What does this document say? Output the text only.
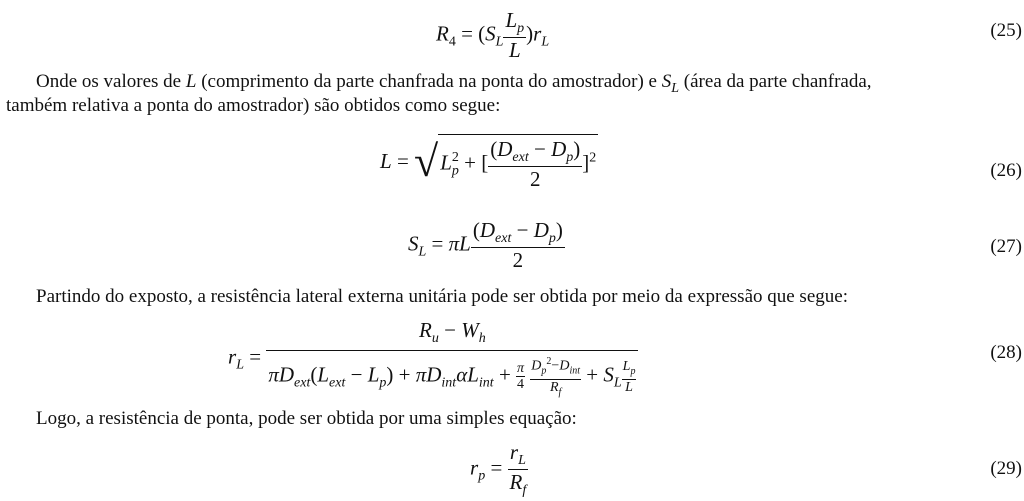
$R_4 = (S_L \frac{L_p}{L} )r_L$
(25)
Onde os valores de L (comprimento da parte chanfrada na ponta do amostrador) e $S_L$ (área da parte chanfrada,
também relativa a ponta do amostrador) são obtidos como segue:
$L = √L_p^2$ + [ $\frac{(D_{ext} - D_p)}{2} ]^2$
(26)
$S_L = \pi L \frac{(D_{ext} - D_p)}{2}$	(27)
Partindo do exposto, a resistência lateral externa unitária pode ser obtida por meio da expressão que segue:
$r_L = R_u - W_h$
$\pi D_{ext}(L_{ext} - L_p) + \pi D_{int}\alpha L_{int} + \frac{\pi}{4}$
$\frac{D_p^2-D_{int}}{R_f} + S_L \frac{L_p}{L}$	(28)
Logo, a resistência de ponta, pode ser obtida por uma simples equação:
$r_p = \frac{r_L}{R_f}$	(29)
